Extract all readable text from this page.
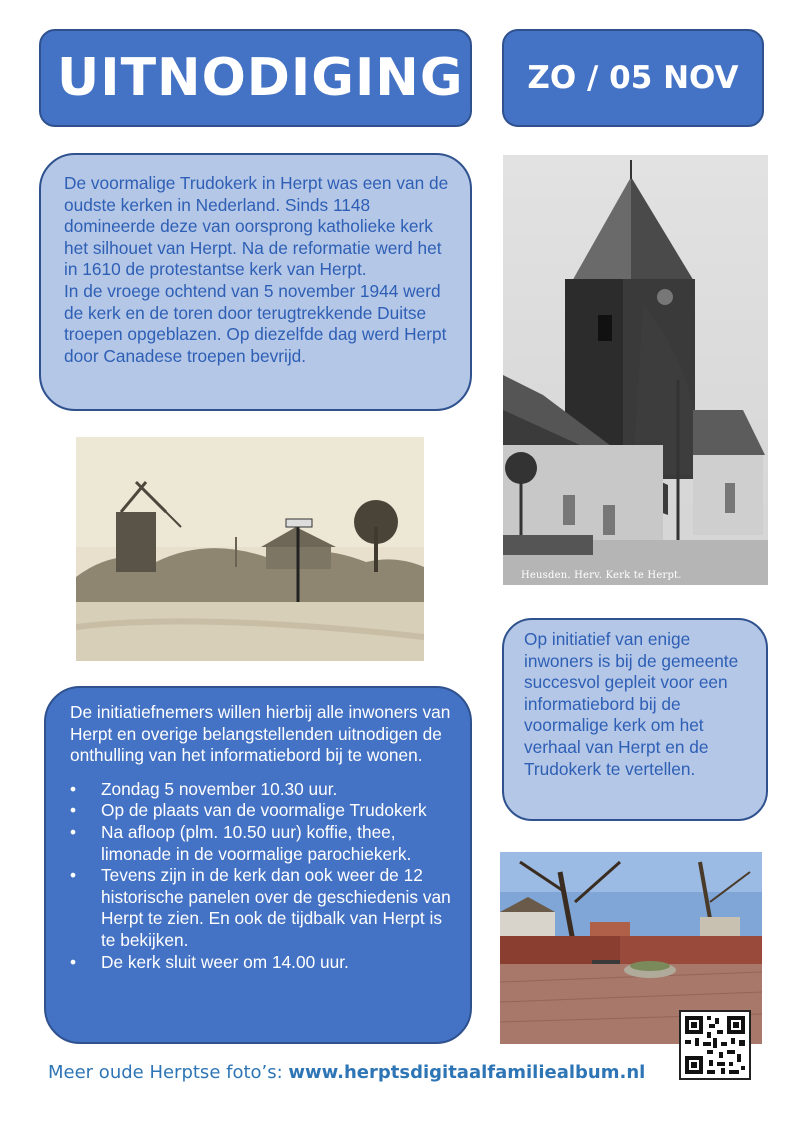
UITNODIGING ZO / 05 NOV

De voormalige Trudokerk in Herpt was een van de oudste kerken in Nederland. Sinds 1148 domineerde deze van oorsprong katholieke kerk het silhouet van Herpt. Na de reformatie werd het in 1610 de protestantse kerk van Herpt.

In de vroege ochtend van 5 november 1944 werd de kerk en de toren door terugtrekkende Duitse troepen opgeblazen. Op diezelfde dag werd Herpt door Canadese troepen bevrijd.

Heusden. Herv. Kerk te Herpt.
Op initiatief van enige inwoners is bij de gemeente succesvol gepleit voor een informatiebord bij de voormalige kerk om het verhaal van Herpt en de Trudokerk te vertellen.

De initiatiefnemers willen hierbij alle inwoners van Herpt en overige belangstellenden uitnodigen de onthulling van het informatiebord bij te wonen.

• Zondag 5 november 10.30 uur.
• Op de plaats van de voormalige Trudokerk
• Na afloop (plm. 10.50 uur) koffie, thee, limonade in de voormalige parochiekerk.
• Tevens zijn in de kerk dan ook weer de 12 historische panelen over de geschiedenis van Herpt te zien. En ook de tijdbalk van Herpt is te bekijken.
• De kerk sluit weer om 14.00 uur.
Meer oude Herptse foto’s: www.herptsdigitaalfamiliealbum.nl
